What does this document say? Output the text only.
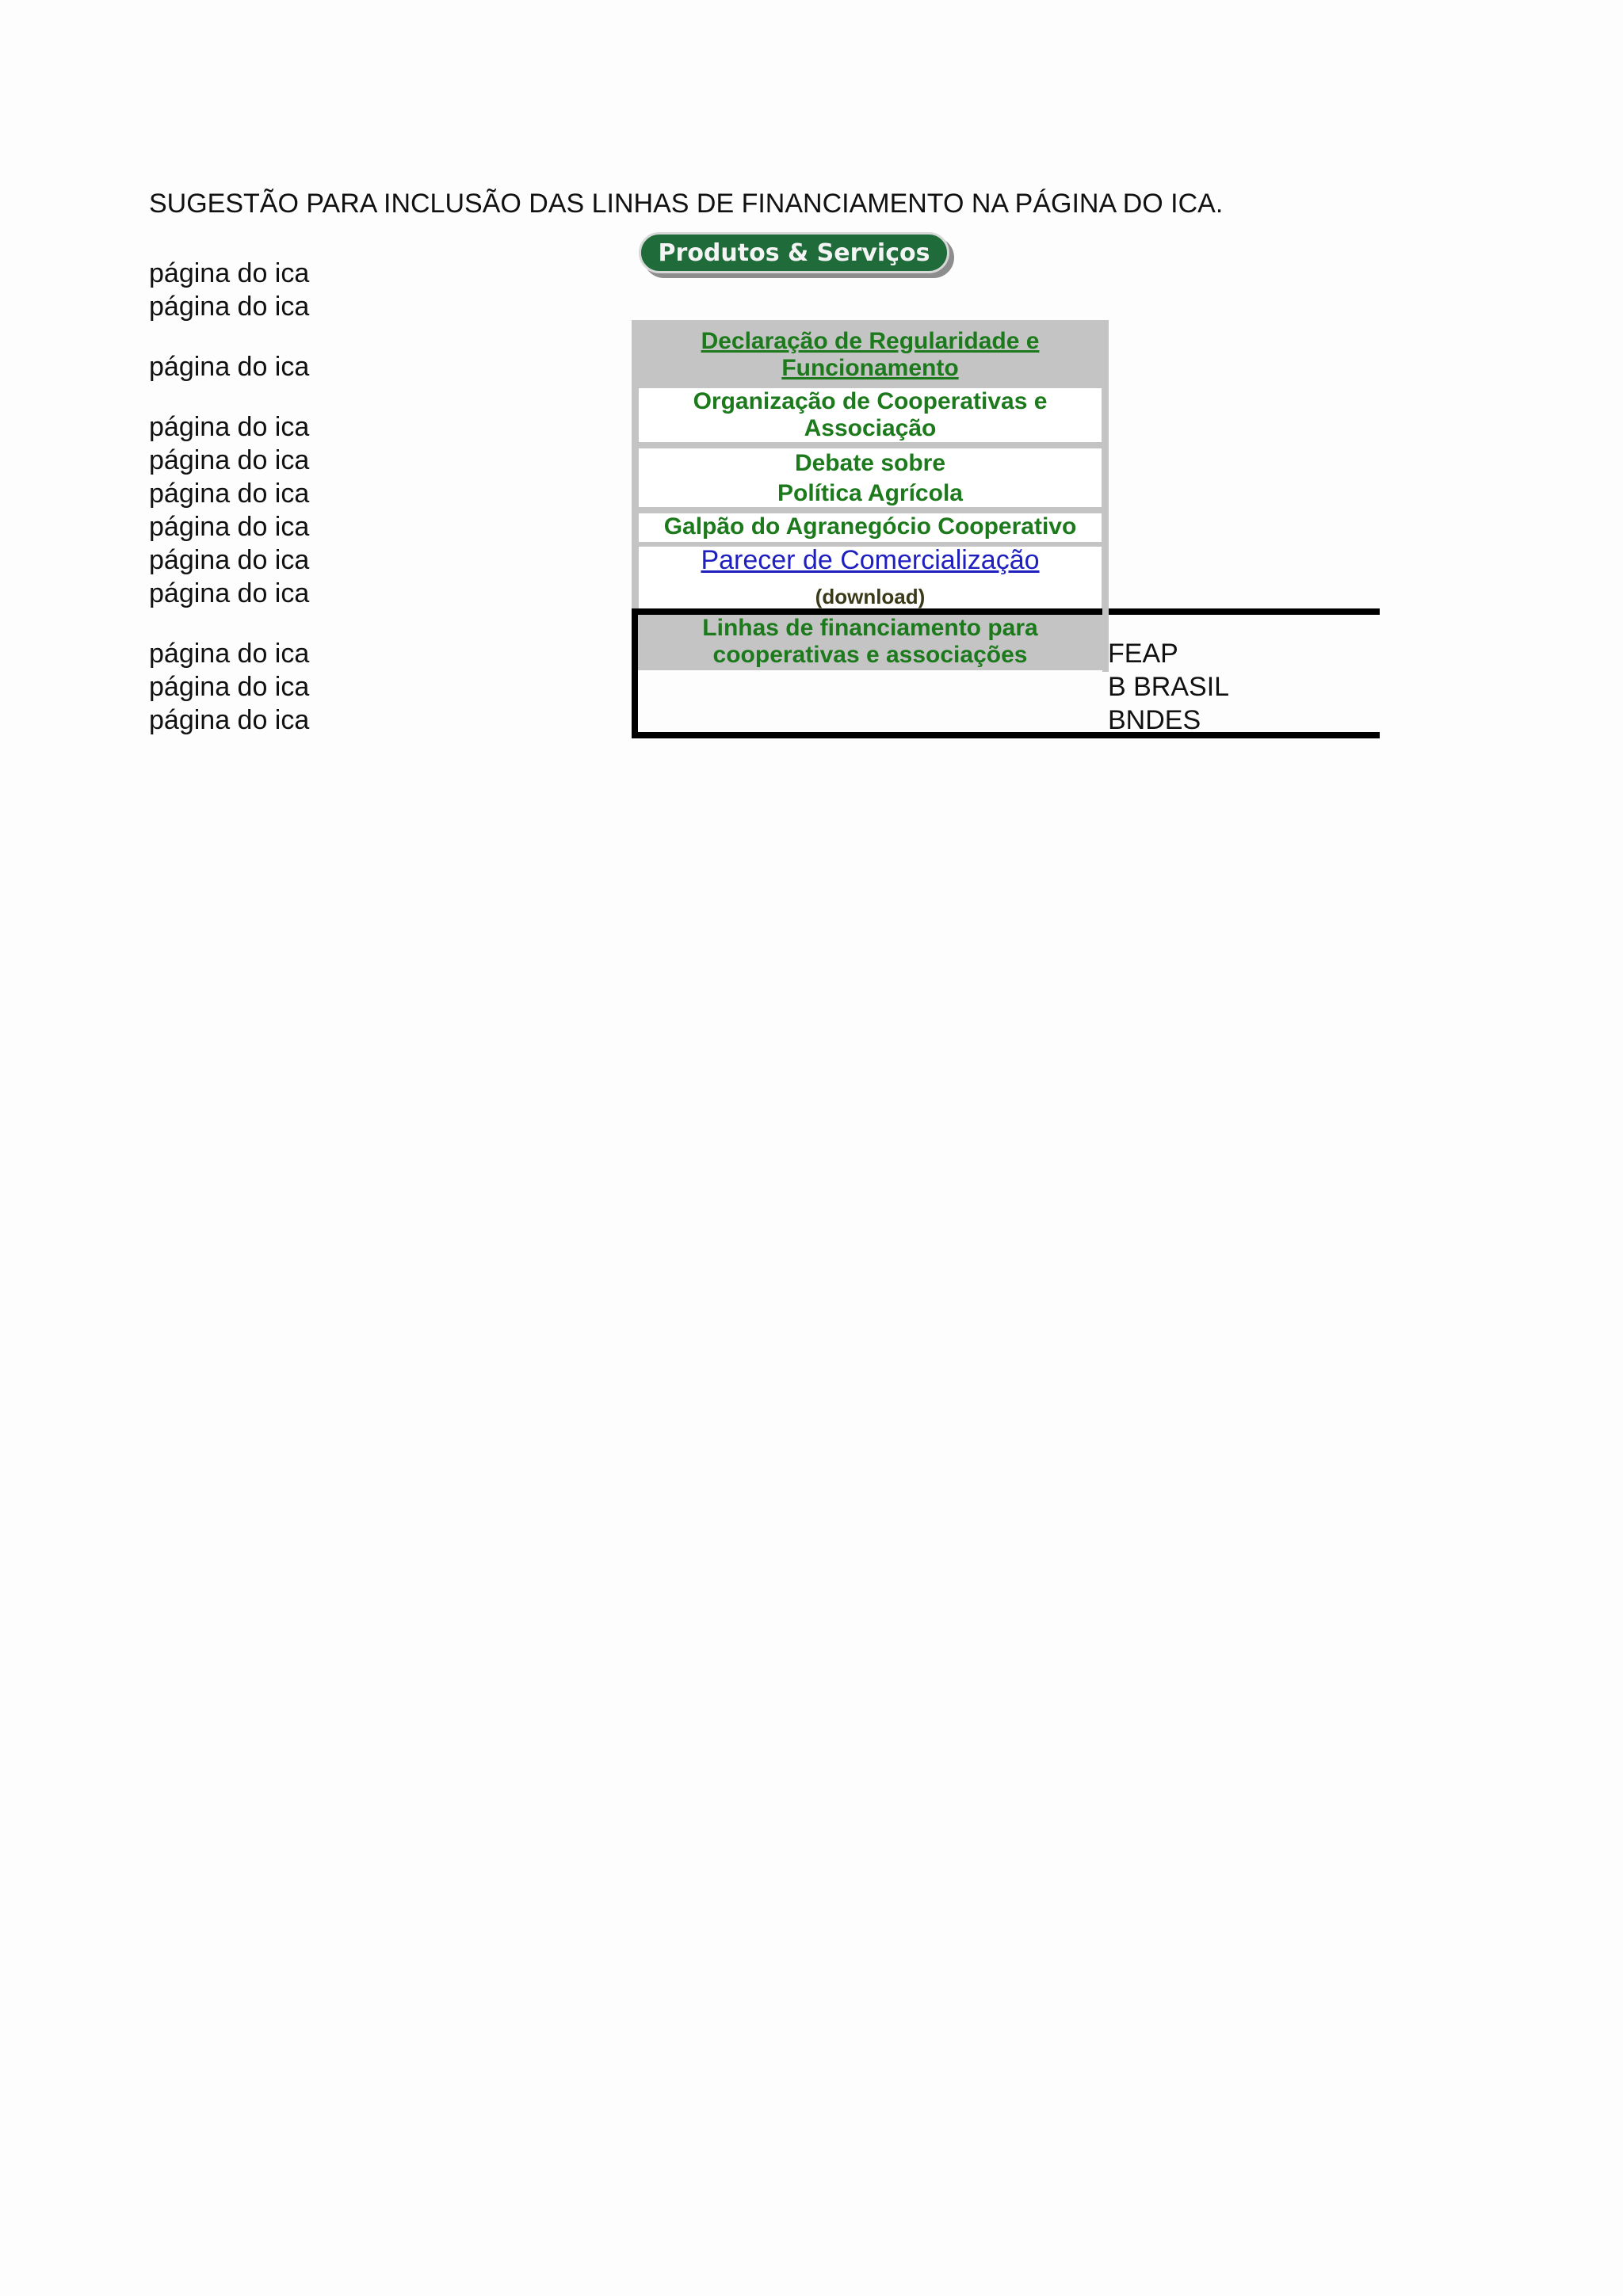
SUGESTÃO PARA INCLUSÃO DAS LINHAS DE FINANCIAMENTO NA PÁGINA DO ICA.
página do ica
página do ica
página do ica
página do ica
página do ica
página do ica
página do ica
página do ica
página do ica
página do ica
página do ica
página do ica
Produtos & Serviços
Declaração de Regularidade e Funcionamento
Organização de Cooperativas e Associação
Debate sobre
Política Agrícola
Galpão do Agranegócio Cooperativo
Parecer de Comercialização
(download)
Linhas de financiamento para cooperativas e associações	FEAP
B BRASIL
BNDES
